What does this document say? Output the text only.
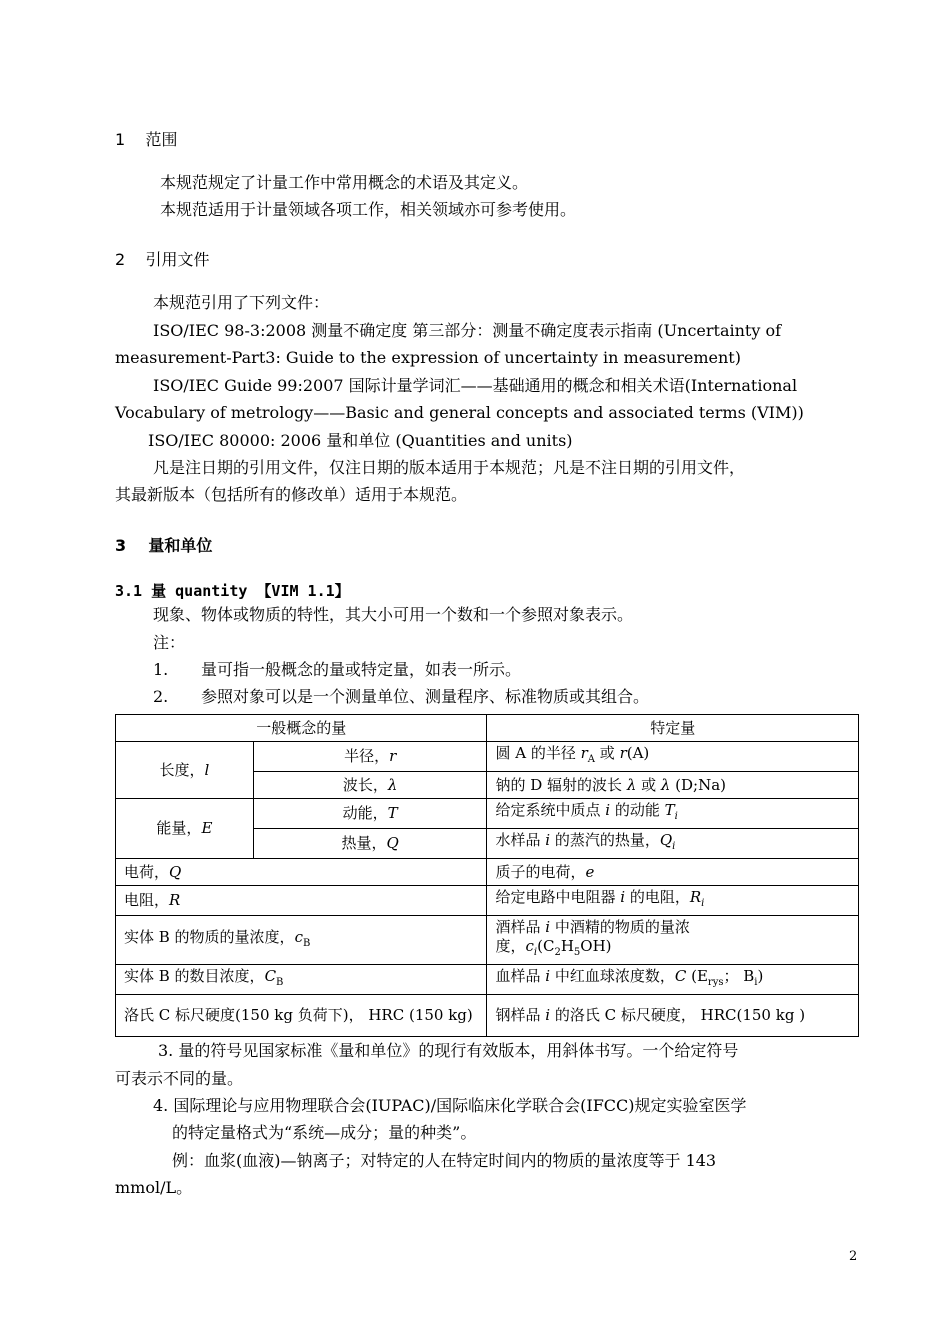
1 范围
本规范规定了计量工作中常用概念的术语及其定义。
本规范适用于计量领域各项工作，相关领域亦可参考使用。
2 引用文件
本规范引用了下列文件：
ISO/IEC 98-3:2008 测量不确定度 第三部分：测量不确定度表示指南 (Uncertainty of
measurement-Part3: Guide to the expression of uncertainty in measurement)
ISO/IEC Guide 99:2007 国际计量学词汇——基础通用的概念和相关术语(International
Vocabulary of metrology——Basic and general concepts and associated terms (VIM))
ISO/IEC 80000: 2006 量和单位 (Quantities and units)
凡是注日期的引用文件，仅注日期的版本适用于本规范；凡是不注日期的引用文件，
其最新版本（包括所有的修改单）适用于本规范。
3 量和单位
3.1 量 quantity 【VIM 1.1】
现象、物体或物质的特性，其大小可用一个数和一个参照对象表示。
注：
1. 量可指一般概念的量或特定量，如表一所示。
2. 参照对象可以是一个测量单位、测量程序、标准物质或其组合。
一般概念的量		特定量
长度，l	半径，r	圆 A 的半径 $r_A$ 或 r(A)
	波长，λ	钠的 D 辐射的波长 λ 或 λ (D;Na)
能量，E	动能，T	给定系统中质点 i 的动能 $T_i$
	热量，Q	水样品 i 的蒸汽的热量，$Q_i$
电荷，Q		质子的电荷，e
电阻，R		给定电路中电阻器 i 的电阻，$R_i$
实体 B 的物质的量浓度，$c_B$		酒样品 i 中酒精的物质的量浓
度，$c_i(C_2H_5OH)$
实体 B 的数目浓度，$C_B$		血样品 i 中红血球浓度数，C ($E_{rys}$； $B_i$)
洛氏 C 标尺硬度(150 kg 负荷下)， HRC (150 kg)		钢样品 i 的洛氏 C 标尺硬度， HRC(150 kg )
3. 量的符号见国家标准《量和单位》的现行有效版本，用斜体书写。一个给定符号
可表示不同的量。
4. 国际理论与应用物理联合会(IUPAC)/国际临床化学联合会(IFCC)规定实验室医学
的特定量格式为“系统—成分；量的种类”。
例：血浆(血液)—钠离子；对特定的人在特定时间内的物质的量浓度等于 143
mmol/L。
2
